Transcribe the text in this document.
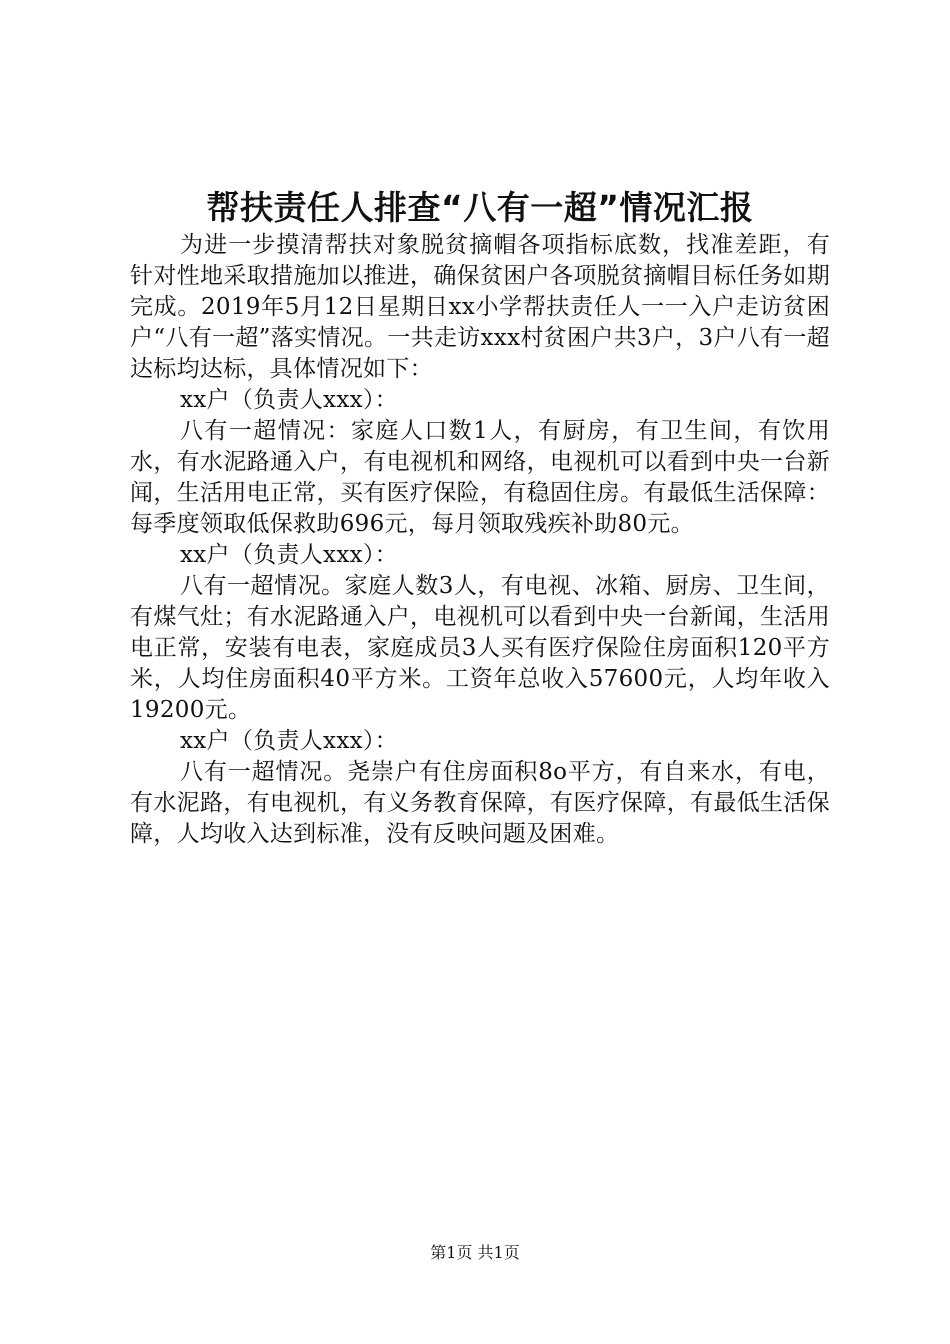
帮扶责任人排查“八有一超”情况汇报

为进一步摸清帮扶对象脱贫摘帽各项指标底数，找准差距，有针对性地采取措施加以推进，确保贫困户各项脱贫摘帽目标任务如期完成。2019年5月12日星期日xx小学帮扶责任人一一入户走访贫困户“八有一超”落实情况。一共走访xxx村贫困户共3户，3户八有一超达标均达标，具体情况如下：

xx户（负责人xxx）：

八有一超情况：家庭人口数1人，有厨房，有卫生间，有饮用水，有水泥路通入户，有电视机和网络，电视机可以看到中央一台新闻，生活用电正常，买有医疗保险，有稳固住房。有最低生活保障：每季度领取低保救助696元，每月领取残疾补助80元。

xx户（负责人xxx）：

八有一超情况。家庭人数3人，有电视、冰箱、厨房、卫生间，有煤气灶；有水泥路通入户，电视机可以看到中央一台新闻，生活用电正常，安装有电表，家庭成员3人买有医疗保险住房面积120平方米，人均住房面积40平方米。工资年总收入57600元，人均年收入19200元。

xx户（负责人xxx）：

八有一超情况。尧崇户有住房面积8o平方，有自来水，有电，有水泥路，有电视机，有义务教育保障，有医疗保障，有最低生活保障，人均收入达到标准，没有反映问题及困难。

第1页 共1页
